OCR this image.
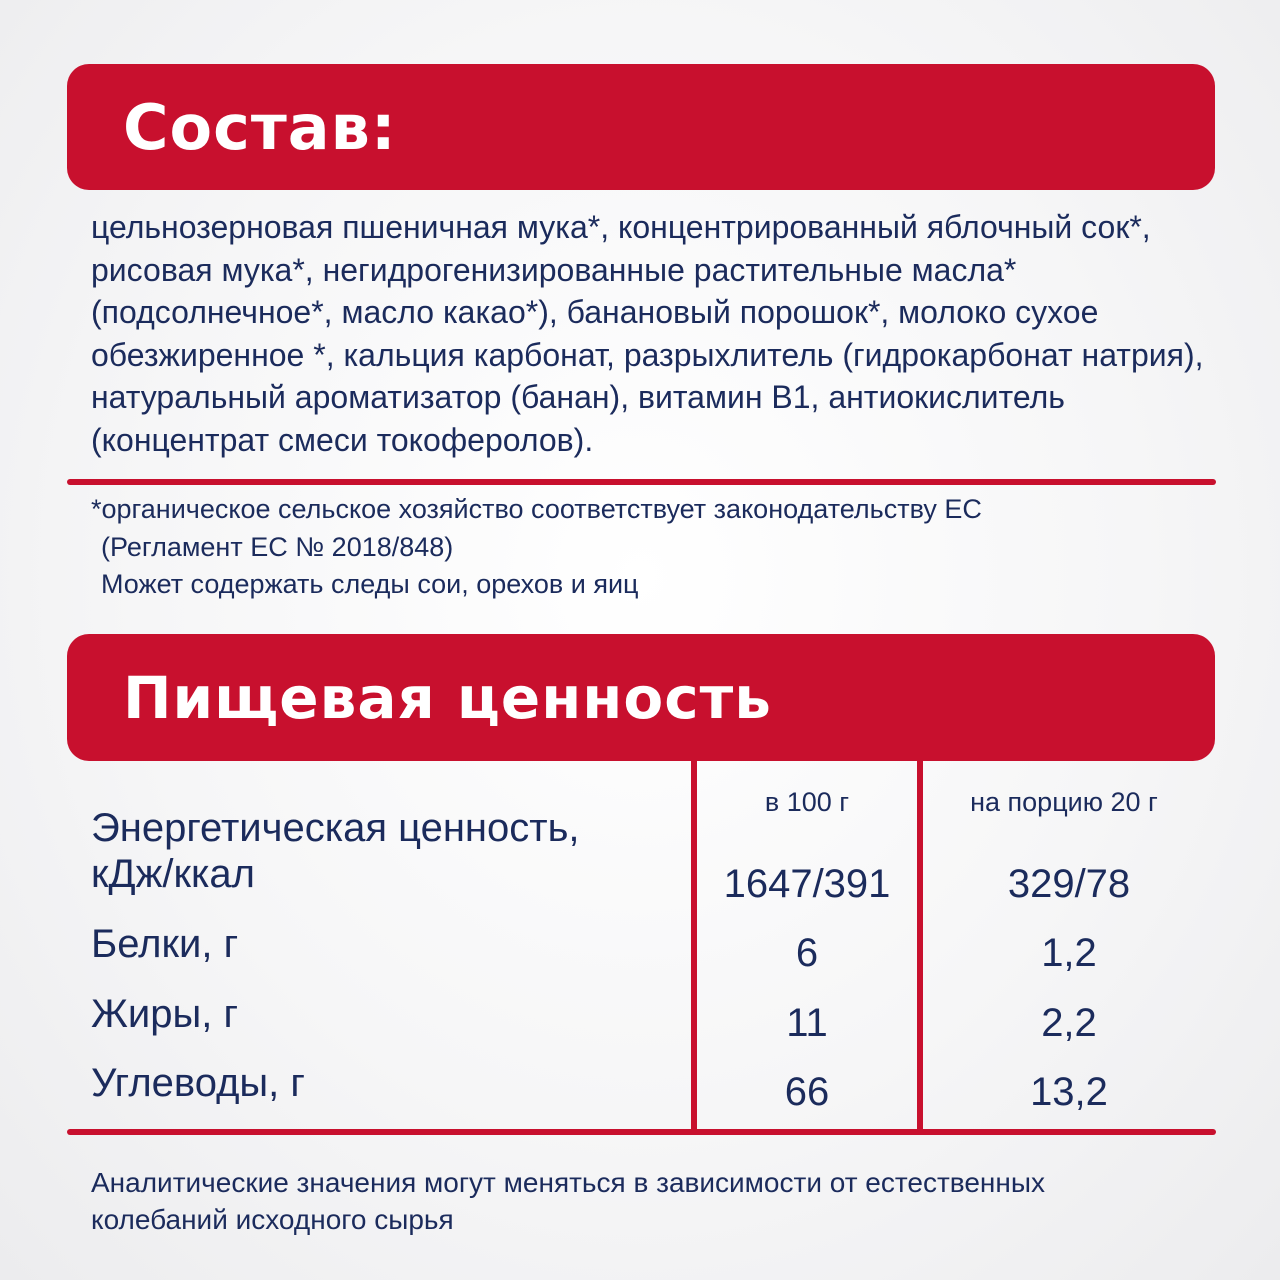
Состав:

цельнозерновая пшеничная мука*, концентрированный яблочный сок*, рисовая мука*, негидрогенизированные растительные масла* (подсолнечное*, масло какао*), банановый порошок*, молоко сухое обезжиренное *, кальция карбонат, разрыхлитель (гидрокарбонат натрия), натуральный ароматизатор (банан), витамин B1, антиокислитель (концентрат смеси токоферолов).

*органическое сельское хозяйство соответствует законодательству ЕС
(Регламент ЕС № 2018/848)
Может содержать следы сои, орехов и яиц
Пищевая ценность
в 100 г	на порцию 20 г
Энергетическая ценность,
кДж/ккал	1647/391	329/78
Белки, г	6	1,2
Жиры, г	11	2,2
Углеводы, г	66	13,2
Аналитические значения могут меняться в зависимости от естественных
колебаний исходного сырья
